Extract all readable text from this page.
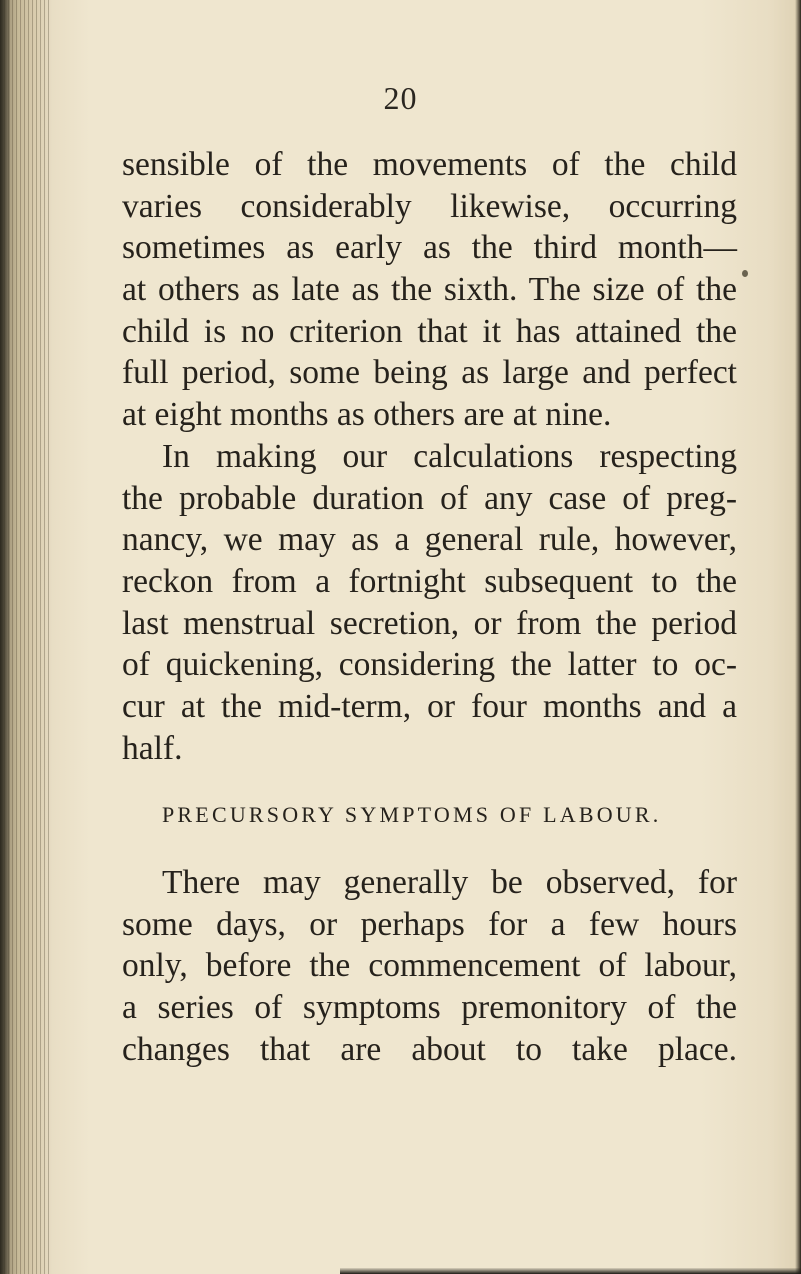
20
sensible of the movements of the child
varies considerably likewise, occurring
sometimes as early as the third month—
at others as late as the sixth. The size of the
child is no criterion that it has attained the
full period, some being as large and perfect
at eight months as others are at nine.
In making our calculations respecting
the probable duration of any case of preg-
nancy, we may as a general rule, however,
reckon from a fortnight subsequent to the
last menstrual secretion, or from the period
of quickening, considering the latter to oc-
cur at the mid-term, or four months and a
half.
PRECURSORY SYMPTOMS OF LABOUR.
There may generally be observed, for
some days, or perhaps for a few hours
only, before the commencement of labour,
a series of symptoms premonitory of the
changes that are about to take place.
